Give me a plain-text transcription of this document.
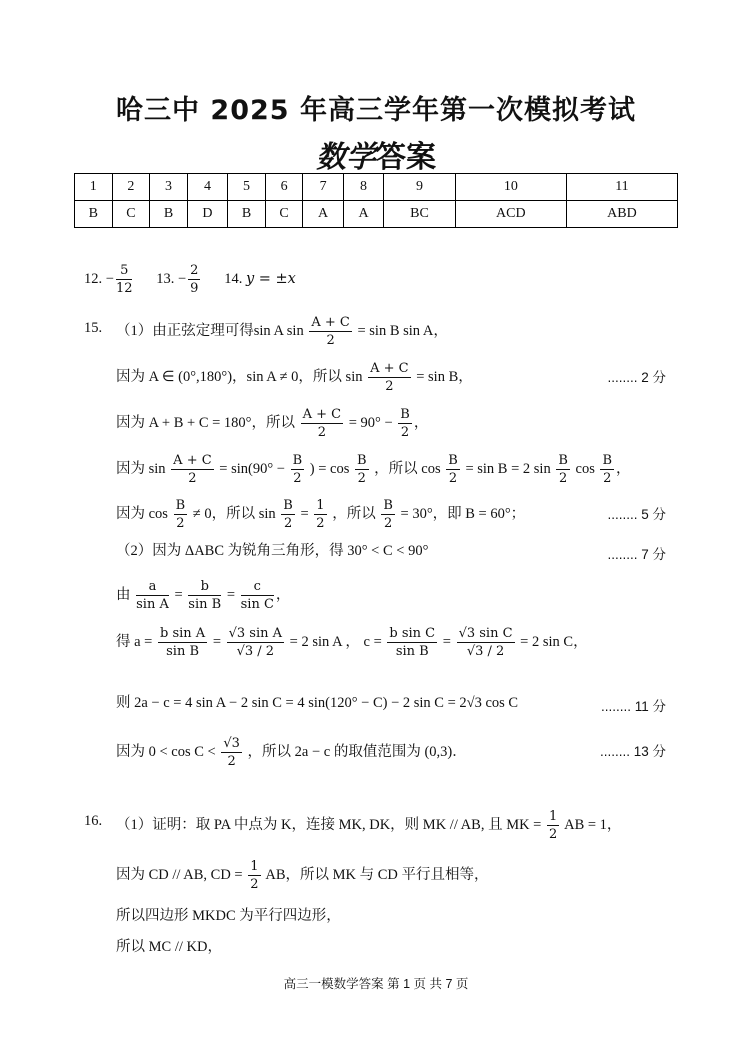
哈三中 2025 年高三学年第一次模拟考试
数学答案
1	2	3	4	5	6	7	8	9	10	11
B	C	B	D	B	C	A	A	BC	ACD	ABD
12. − $\frac{5}{12} 13$. − $\frac{2}{9} 14$. y = ±x
15. （1）由正弦定理可得sin A $\sin \frac{A + C}{2} = \sin B$ sin A，
因为 A ∈ (0°,180°)，sin A ≠ 0，所以 $\sin \frac{A + C}{2} = \sin B$，	........ 2 分
因为 A + B + C = 180°，所以 $\frac{A + C}{2} = 90^\circ - \frac{B}{2}$ ，
因为 $\sin \frac{A + C}{2} = \sin(90^\circ - \frac{B}{2}$ ) = $\cos \frac{B}{2}$ ，所以 $\cos \frac{B}{2} = \sin B = 2$ $\sin \frac{B}{2}$ $\cos \frac{B}{2}$ ，
因为 $\cos \frac{B}{2} \ne 0$，所以 $\sin \frac{B}{2} = \frac{1}{2}$ ，所以 $\frac{B}{2} = 30^\circ$，即 B = 60°；	........ 5 分
（2）因为 ΔABC 为锐角三角形，得 30° < C < 90°	........ 7 分
由 $\frac{a}{\text{sin A}} = \frac{b}{\text{sin B}} = \frac{c}{\text{sin C}}$ ，
得 $a = \frac{\text{b sin A}}{\text{sin B}} = \frac{\text{√3 sin A}}{√3 / 2} = 2$ sin A ， $c = \frac{\text{b sin C}}{\text{sin B}} = \frac{\text{√3 sin C}}{√3 / 2} = 2$ sin C，
则 2a − c = 4 sin A − 2 sin C = 4 sin(120° − C) − 2 sin C = 2√3 cos C	........ 11 分
因为 $0 < \cos C < \frac{√3}{2}$ ，所以 2a − c 的取值范围为 (0,3)．	........ 13 分
16. （1）证明：取 PA 中点为 K，连接 MK, DK，则 MK // AB, 且 MK = $\frac{1}{2}$ AB = 1，
因为 CD // AB, CD = $\frac{1}{2}$ AB，所以 MK 与 CD 平行且相等，
所以四边形 MKDC 为平行四边形，
所以 MC // KD，
高三一模数学答案 第 1 页 共 7 页
